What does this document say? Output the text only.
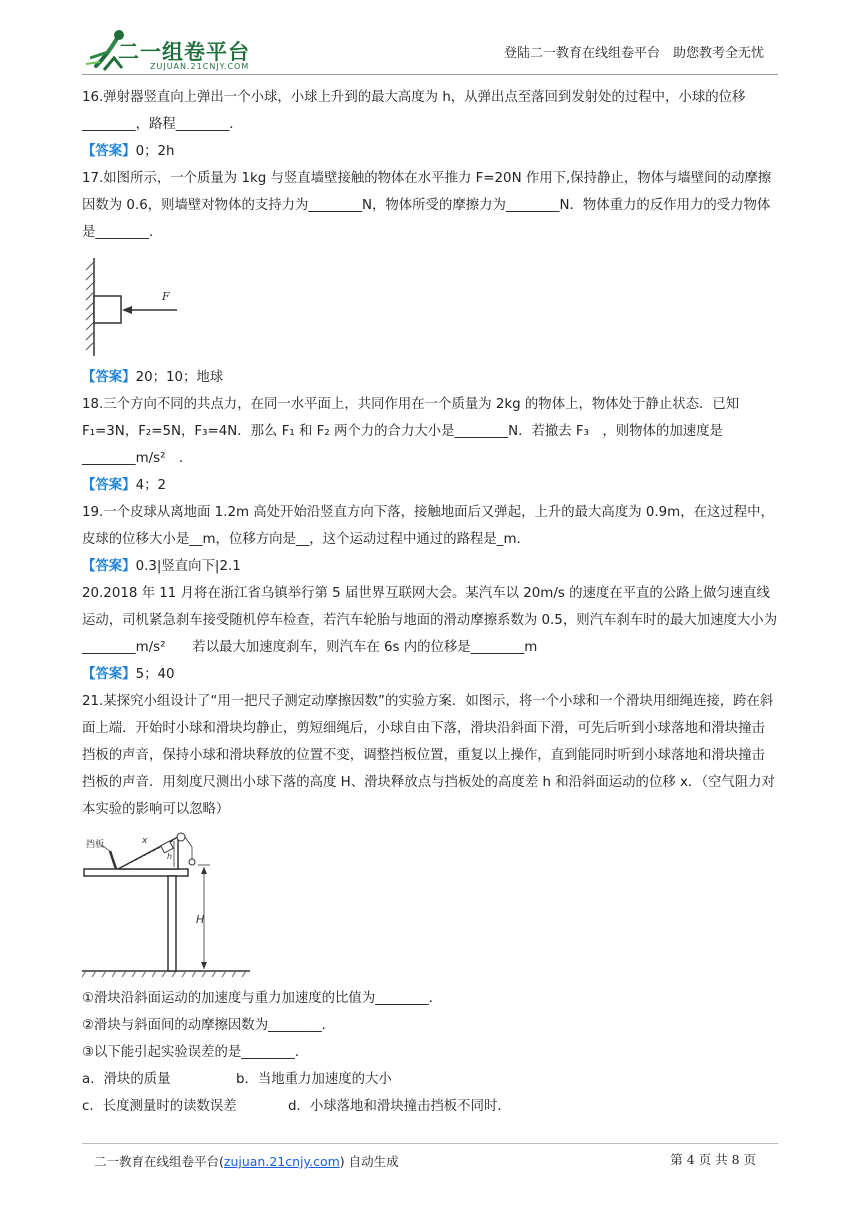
二一组卷平台
ZUJUAN.21CNJY.COM
登陆二一教育在线组卷平台　助您教考全无忧

16.弹射器竖直向上弹出一个小球，小球上升到的最大高度为 h，从弹出点至落回到发射处的过程中，小球的位移________，路程________．

【答案】0；2h

17.如图所示，一个质量为 1kg 与竖直墙壁接触的物体在水平推力 F=20N 作用下,保持静止，物体与墙壁间的动摩擦因数为 0.6，则墙壁对物体的支持力为________N，物体所受的摩擦力为________N．物体重力的反作用力的受力物体是________．

F

【答案】20；10；地球

18.三个方向不同的共点力，在同一水平面上，共同作用在一个质量为 2kg 的物体上，物体处于静止状态．已知 F₁=3N，F₂=5N，F₃=4N．那么 F₁ 和 F₂ 两个力的合力大小是________N．若撤去 F₃　，则物体的加速度是________m/s²　.

【答案】4；2

19.一个皮球从离地面 1.2m 高处开始沿竖直方向下落，接触地面后又弹起，上升的最大高度为 0.9m，在这过程中，皮球的位移大小是__m，位移方向是__，这个运动过程中通过的路程是_m．

【答案】0.3|竖直向下|2.1

20.2018 年 11 月将在浙江省乌镇举行第 5 届世界互联网大会。某汽车以 20m/s 的速度在平直的公路上做匀速直线运动，司机紧急刹车接受随机停车检查，若汽车轮胎与地面的滑动摩擦系数为 0.5，则汽车刹车时的最大加速度大小为________m/s²　　若以最大加速度刹车，则汽车在 6s 内的位移是________m

【答案】5；40

21.某探究小组设计了“用一把尺子测定动摩擦因数”的实验方案．如图示，将一个小球和一个滑块用细绳连接，跨在斜面上端．开始时小球和滑块均静止，剪短细绳后，小球自由下落，滑块沿斜面下滑，可先后听到小球落地和滑块撞击挡板的声音，保持小球和滑块释放的位置不变，调整挡板位置，重复以上操作，直到能同时听到小球落地和滑块撞击挡板的声音．用刻度尺测出小球下落的高度 H、滑块释放点与挡板处的高度差 h 和沿斜面运动的位移 x．（空气阻力对本实验的影响可以忽略）

挡板	x
h
H

①滑块沿斜面运动的加速度与重力加速度的比值为________．

②滑块与斜面间的动摩擦因数为________．

③以下能引起实验误差的是________．

a．滑块的质量	b．当地重力加速度的大小

c．长度测量时的读数误差	d．小球落地和滑块撞击挡板不同时．

二一教育在线组卷平台(zujuan.21cnjy.com) 自动生成	第 4 页 共 8 页
